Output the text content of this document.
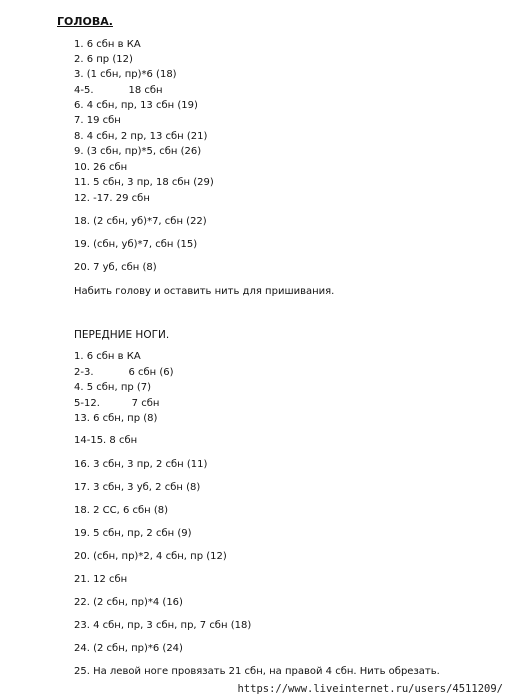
ГОЛОВА.
1. 6 сбн в КА
2. 6 пр (12)
3. (1 сбн, пр)*6 (18)
4-5.           18 сбн
6. 4 сбн, пр, 13 сбн (19)
7. 19 сбн
8. 4 сбн, 2 пр, 13 сбн (21)
9. (3 сбн, пр)*5, сбн (26)
10. 26 сбн
11. 5 сбн, 3 пр, 18 сбн (29)
12. -17. 29 сбн
18. (2 сбн, уб)*7, сбн (22)
19. (сбн, уб)*7, сбн (15)
20. 7 уб, сбн (8)
Набить голову и оставить нить для пришивания.
ПЕРЕДНИЕ НОГИ.
1. 6 сбн в КА
2-3.           6 сбн (6)
4. 5 сбн, пр (7)
5-12.          7 сбн
13. 6 сбн, пр (8)
14-15. 8 сбн
16. 3 сбн, 3 пр, 2 сбн (11)
17. 3 сбн, 3 уб, 2 сбн (8)
18. 2 СС, 6 сбн (8)
19. 5 сбн, пр, 2 сбн (9)
20. (сбн, пр)*2, 4 сбн, пр (12)
21. 12 сбн
22. (2 сбн, пр)*4 (16)
23. 4 сбн, пр, 3 сбн, пр, 7 сбн (18)
24. (2 сбн, пр)*6 (24)
25. На левой ноге провязать 21 сбн, на правой 4 сбн. Нить обрезать.
https://www.liveinternet.ru/users/4511209/
